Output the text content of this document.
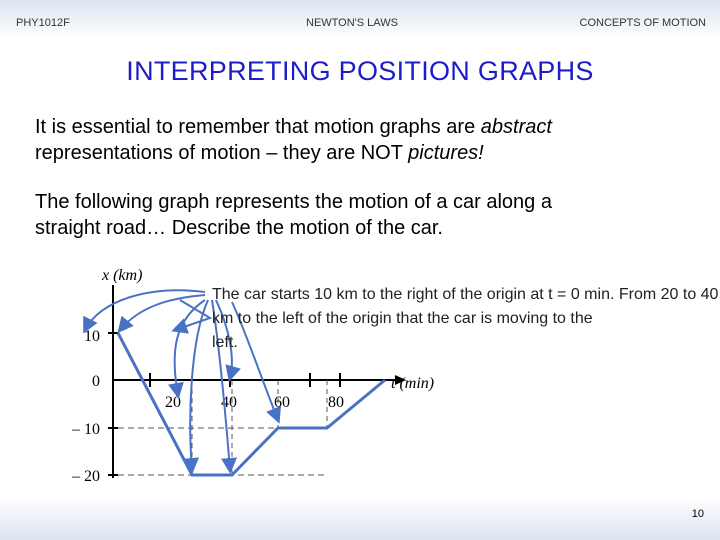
PHY1012F	NEWTON'S LAWS	CONCEPTS OF MOTION
INTERPRETING POSITION GRAPHS
It is essential to remember that motion graphs are abstract
representations of motion – they are NOT pictures!
The following graph represents the motion of a car along a
straight road… Describe the motion of the car.
x (km)
t (min)
10
0
– 10
– 20
20	40 60 80
The car starts 10 km to the right of the origin at t = 0 min. From 20 to 40
km to the left of the origin that the car is moving to the
left.
10
